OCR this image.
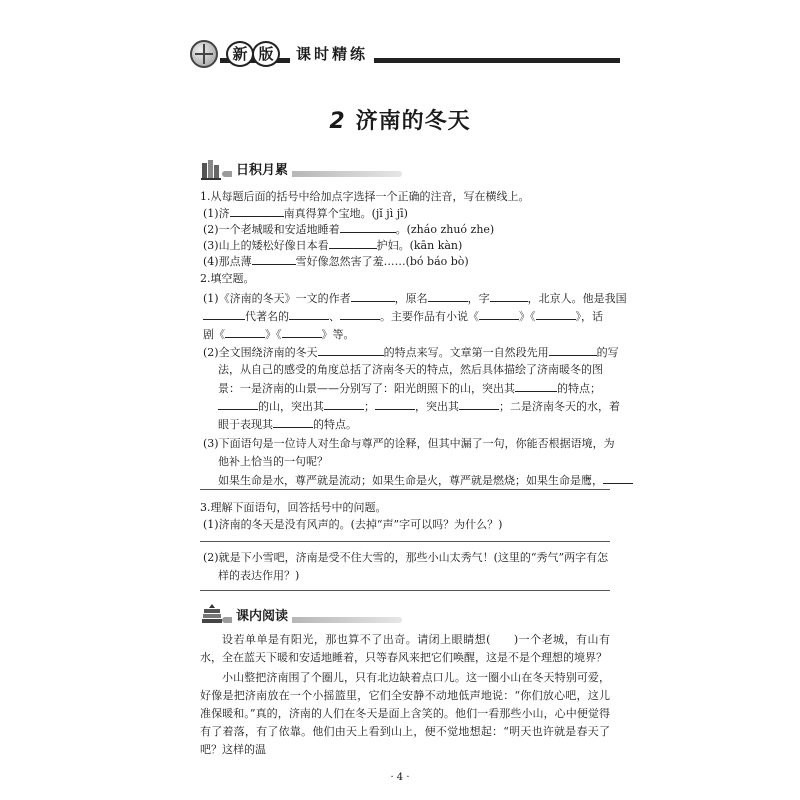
新 版	课时精练
2 济南的冬天
日积月累
1.从每题后面的括号中给加点字选择一个正确的注音，写在横线上。
(1)济	南真得算个宝地。(jǐ jì jī)
(2)一个老城暖和安适地睡着	。(zháo zhuó zhe)
(3)山上的矮松好像日本看	护妇。(kān kàn)
(4)那点薄	雪好像忽然害了羞……(bó báo bò)
2.填空题。
(1)《济南的冬天》一文的作者	，原名	，字	，北京人。他是我国
代著名的	、	。主要作品有小说《	》《	》，话
剧《	》《	》等。
(2)全文围绕济南的冬天	的特点来写。文章第一自然段先用	的写
法，从自己的感受的角度总括了济南冬天的特点，然后具体描绘了济南暖冬的图
景：一是济南的山景——分别写了：阳光朗照下的山，突出其	的特点；
的山，突出其	；	，突出其	；二是济南冬天的水，着
眼于表现其	的特点。
(3)下面语句是一位诗人对生命与尊严的诠释，但其中漏了一句，你能否根据语境，为
他补上恰当的一句呢？
如果生命是水，尊严就是流动；如果生命是火，尊严就是燃烧；如果生命是鹰，
3.理解下面语句，回答括号中的问题。
(1)济南的冬天是没有风声的。(去掉“声”字可以吗？为什么？)
(2)就是下小雪吧，济南是受不住大雪的，那些小山太秀气！(这里的“秀气”两字有怎
样的表达作用？)
课内阅读

设若单单是有阳光，那也算不了出奇。请闭上眼睛想(　　)一个老城，有山有水，全在蓝天下暖和安适地睡着，只等春风来把它们唤醒，这是不是个理想的境界？

小山整把济南围了个圈儿，只有北边缺着点口儿。这一圈小山在冬天特别可爱，好像是把济南放在一个小摇篮里，它们全安静不动地低声地说：“你们放心吧，这儿准保暖和。”真的，济南的人们在冬天是面上含笑的。他们一看那些小山，心中便觉得有了着落，有了依靠。他们由天上看到山上，便不觉地想起：“明天也许就是春天了吧？这样的温

· 4 ·
